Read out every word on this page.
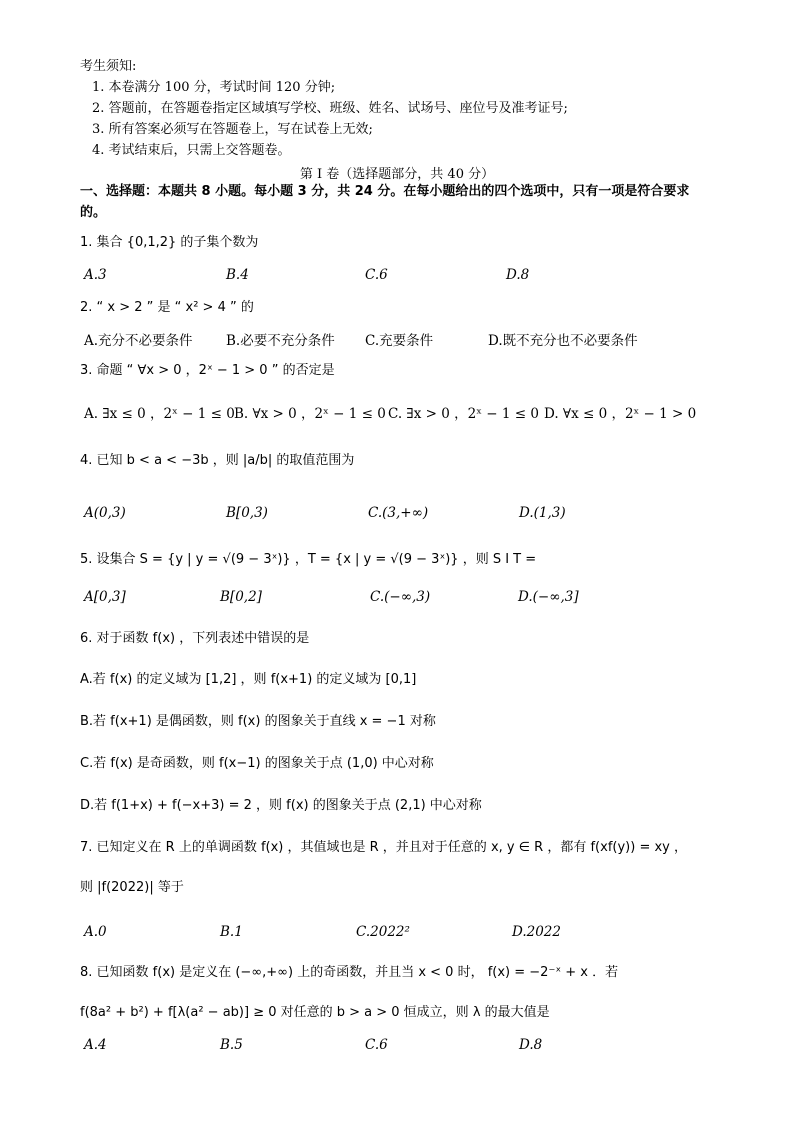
考生须知:
1. 本卷满分 100 分，考试时间 120 分钟;
2. 答题前，在答题卷指定区域填写学校、班级、姓名、试场号、座位号及准考证号;
3. 所有答案必须写在答题卷上，写在试卷上无效;
4. 考试结束后，只需上交答题卷。
第 I 卷（选择题部分，共 40 分）
一、选择题：本题共 8 小题。每小题 3 分，共 24 分。在每小题给出的四个选项中，只有一项是符合要求
的。
1. 集合 {0,1,2} 的子集个数为
A.3	B.4	C.6	D.8
2. “ x > 2 ” 是 “ x² > 4 ” 的
A.充分不必要条件 B.必要不充分条件 C.充要条件	D.既不充分也不必要条件
3. 命题 “ ∀x > 0 ，2ˣ − 1 > 0 ” 的否定是
A. ∃x ≤ 0 ，2ˣ − 1 ≤ 0 B. ∀x > 0 ，2ˣ − 1 ≤ 0 C. ∃x > 0 ，2ˣ − 1 ≤ 0 D. ∀x ≤ 0 ，2ˣ − 1 > 0
4. 已知 b < a < −3b ，则 |a/b| 的取值范围为
A(0,3)	B[0,3)	C.(3,+∞)	D.(1,3)
5. 设集合 S = {y | y = √(9 − 3ˣ)} ，T = {x | y = √(9 − 3ˣ)} ，则 S I T =
A[0,3]	B[0,2]	C.(−∞,3)	D.(−∞,3]
6. 对于函数 f(x) ，下列表述中错误的是
A.若 f(x) 的定义域为 [1,2] ，则 f(x+1) 的定义域为 [0,1]
B.若 f(x+1) 是偶函数，则 f(x) 的图象关于直线 x = −1 对称
C.若 f(x) 是奇函数，则 f(x−1) 的图象关于点 (1,0) 中心对称
D.若 f(1+x) + f(−x+3) = 2 ，则 f(x) 的图象关于点 (2,1) 中心对称
7. 已知定义在 R 上的单调函数 f(x) ，其值域也是 R ，并且对于任意的 x, y ∈ R ，都有 f(xf(y)) = xy ，
则 |f(2022)| 等于
A.0	B.1	C.2022²	D.2022
8. 已知函数 f(x) 是定义在 (−∞,+∞) 上的奇函数，并且当 x < 0 时， f(x) = −2⁻ˣ + x ．若
f(8a² + b²) + f[λ(a² − ab)] ≥ 0 对任意的 b > a > 0 恒成立，则 λ 的最大值是
A.4	B.5	C.6	D.8
